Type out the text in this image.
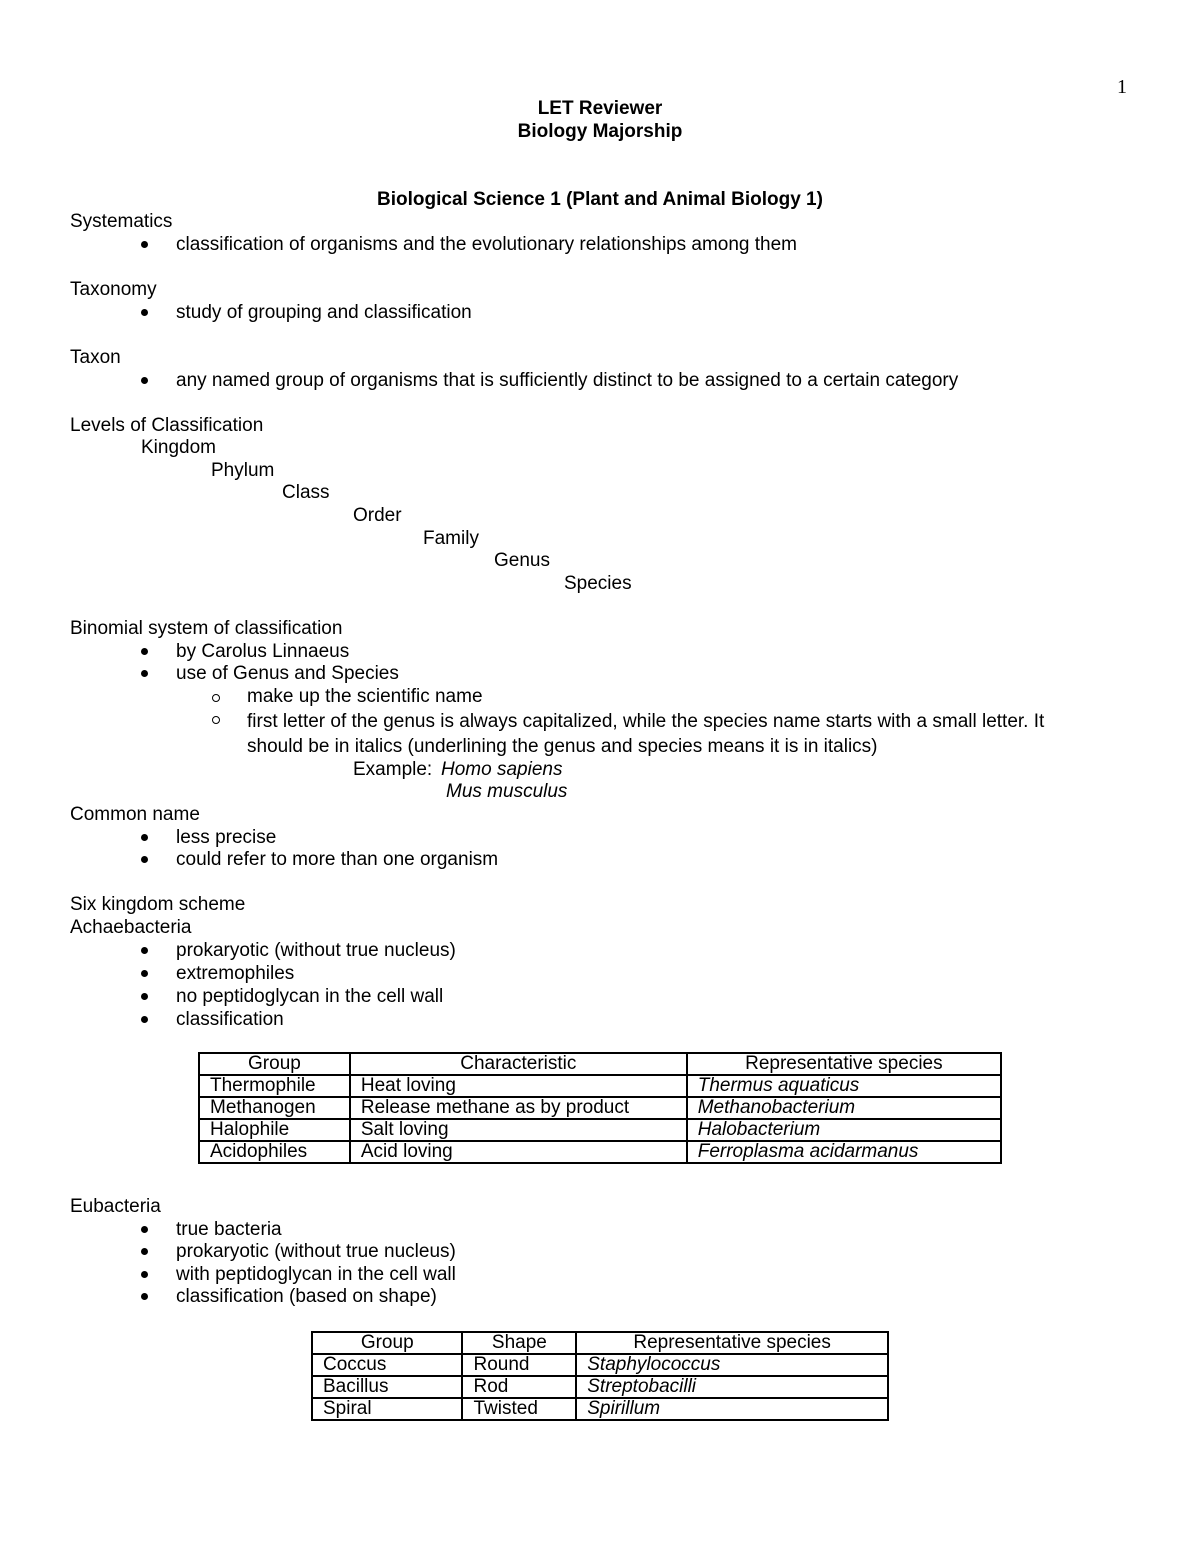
1
LET Reviewer
Biology Majorship
Biological Science 1 (Plant and Animal Biology 1)
Systematics
classification of organisms and the evolutionary relationships among them
Taxonomy
study of grouping and classification
Taxon
any named group of organisms that is sufficiently distinct to be assigned to a certain category
Levels of Classification
Kingdom
Phylum
Class
Order
Family
Genus
Species
Binomial system of classification
by Carolus Linnaeus
use of Genus and Species
make up the scientific name
first letter of the genus is always capitalized, while the species name starts with a small letter. It
should be in italics (underlining the genus and species means it is in italics)
Example: Homo sapiens
Mus musculus
Common name
less precise
could refer to more than one organism
Six kingdom scheme
Achaebacteria
prokaryotic (without true nucleus)
extremophiles
no peptidoglycan in the cell wall
classification
Group	Characteristic	Representative species
Thermophile	Heat loving	Thermus aquaticus
Methanogen	Release methane as by product	Methanobacterium
Halophile	Salt loving	Halobacterium
Acidophiles	Acid loving	Ferroplasma acidarmanus
Eubacteria
true bacteria
prokaryotic (without true nucleus)
with peptidoglycan in the cell wall
classification (based on shape)
Group	Shape	Representative species
Coccus	Round	Staphylococcus
Bacillus	Rod	Streptobacilli
Spiral	Twisted	Spirillum
